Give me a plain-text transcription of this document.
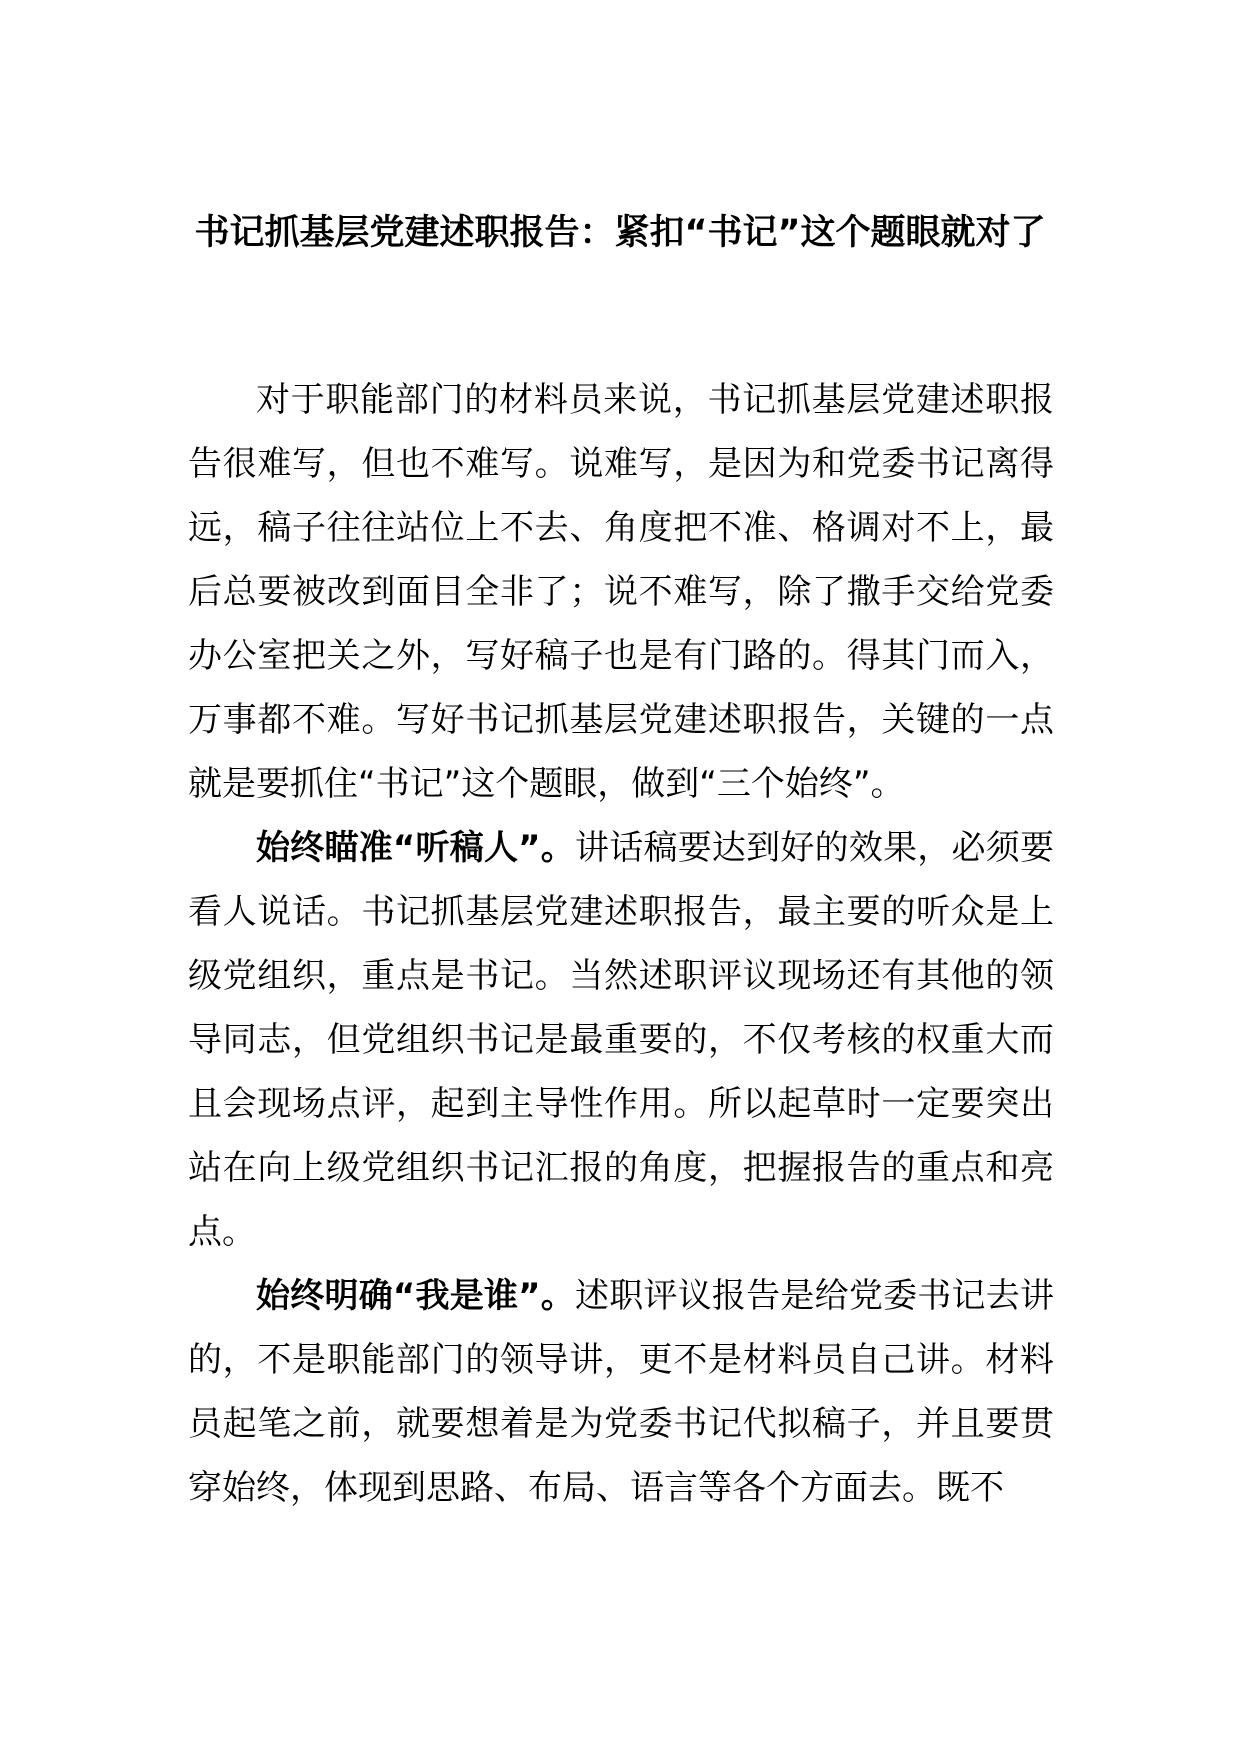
书记抓基层党建述职报告：紧扣“书记”这个题眼就对了

对于职能部门的材料员来说，书记抓基层党建述职报告很难写，但也不难写。说难写，是因为和党委书记离得远，稿子往往站位上不去、角度把不准、格调对不上，最后总要被改到面目全非了；说不难写，除了撒手交给党委办公室把关之外，写好稿子也是有门路的。得其门而入，万事都不难。写好书记抓基层党建述职报告，关键的一点就是要抓住“书记”这个题眼，做到“三个始终”。

始终瞄准“听稿人”。讲话稿要达到好的效果，必须要看人说话。书记抓基层党建述职报告，最主要的听众是上级党组织，重点是书记。当然述职评议现场还有其他的领导同志，但党组织书记是最重要的，不仅考核的权重大而且会现场点评，起到主导性作用。所以起草时一定要突出站在向上级党组织书记汇报的角度，把握报告的重点和亮点。

始终明确“我是谁”。述职评议报告是给党委书记去讲的，不是职能部门的领导讲，更不是材料员自己讲。材料员起笔之前，就要想着是为党委书记代拟稿子，并且要贯穿始终，体现到思路、布局、语言等各个方面去。既不
